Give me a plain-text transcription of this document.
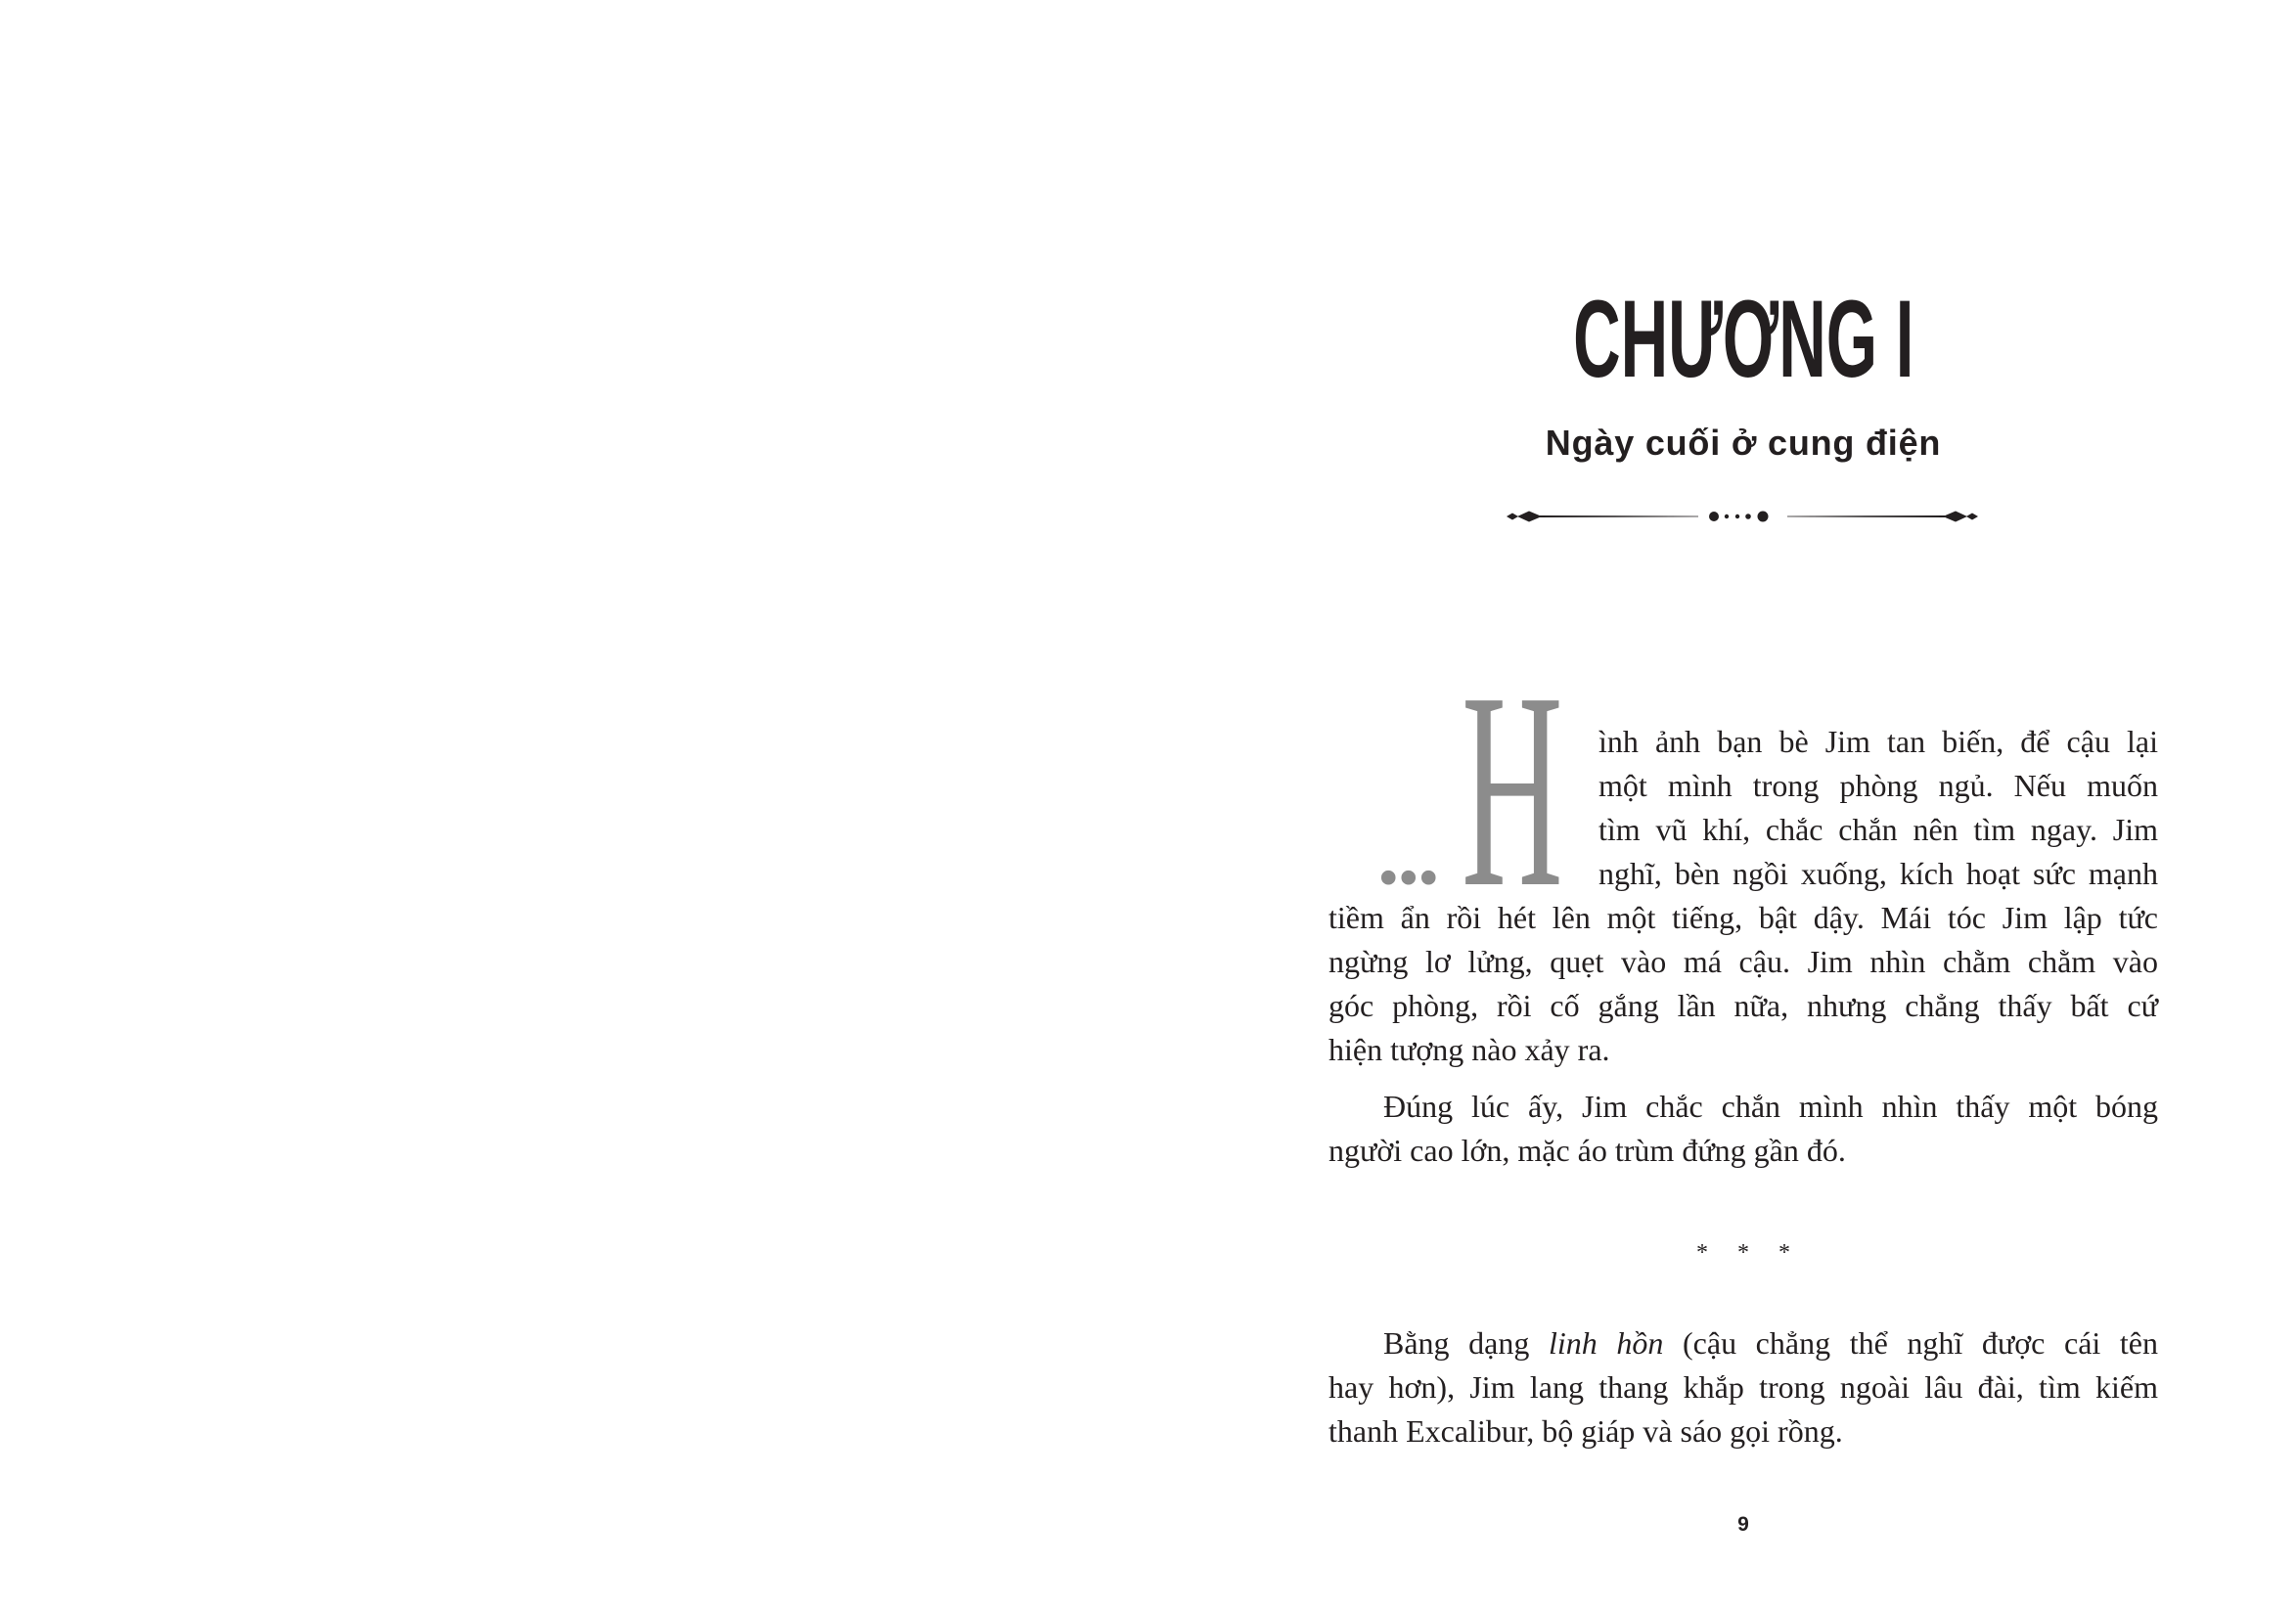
CHƯƠNG I
Ngày cuối ở cung điện
... H ình ảnh bạn bè Jim tan biến, để cậu lại
một mình trong phòng ngủ. Nếu muốn
tìm vũ khí, chắc chắn nên tìm ngay. Jim
nghĩ, bèn ngồi xuống, kích hoạt sức mạnh
tiềm ẩn rồi hét lên một tiếng, bật dậy. Mái tóc Jim lập tức
ngừng lơ lửng, quẹt vào má cậu. Jim nhìn chằm chằm vào
góc phòng, rồi cố gắng lần nữa, nhưng chẳng thấy bất cứ
hiện tượng nào xảy ra.
Đúng lúc ấy, Jim chắc chắn mình nhìn thấy một bóng
người cao lớn, mặc áo trùm đứng gần đó.
* * *
Bằng dạng linh hồn (cậu chẳng thể nghĩ được cái tên
hay hơn), Jim lang thang khắp trong ngoài lâu đài, tìm kiếm
thanh Excalibur, bộ giáp và sáo gọi rồng.
9
